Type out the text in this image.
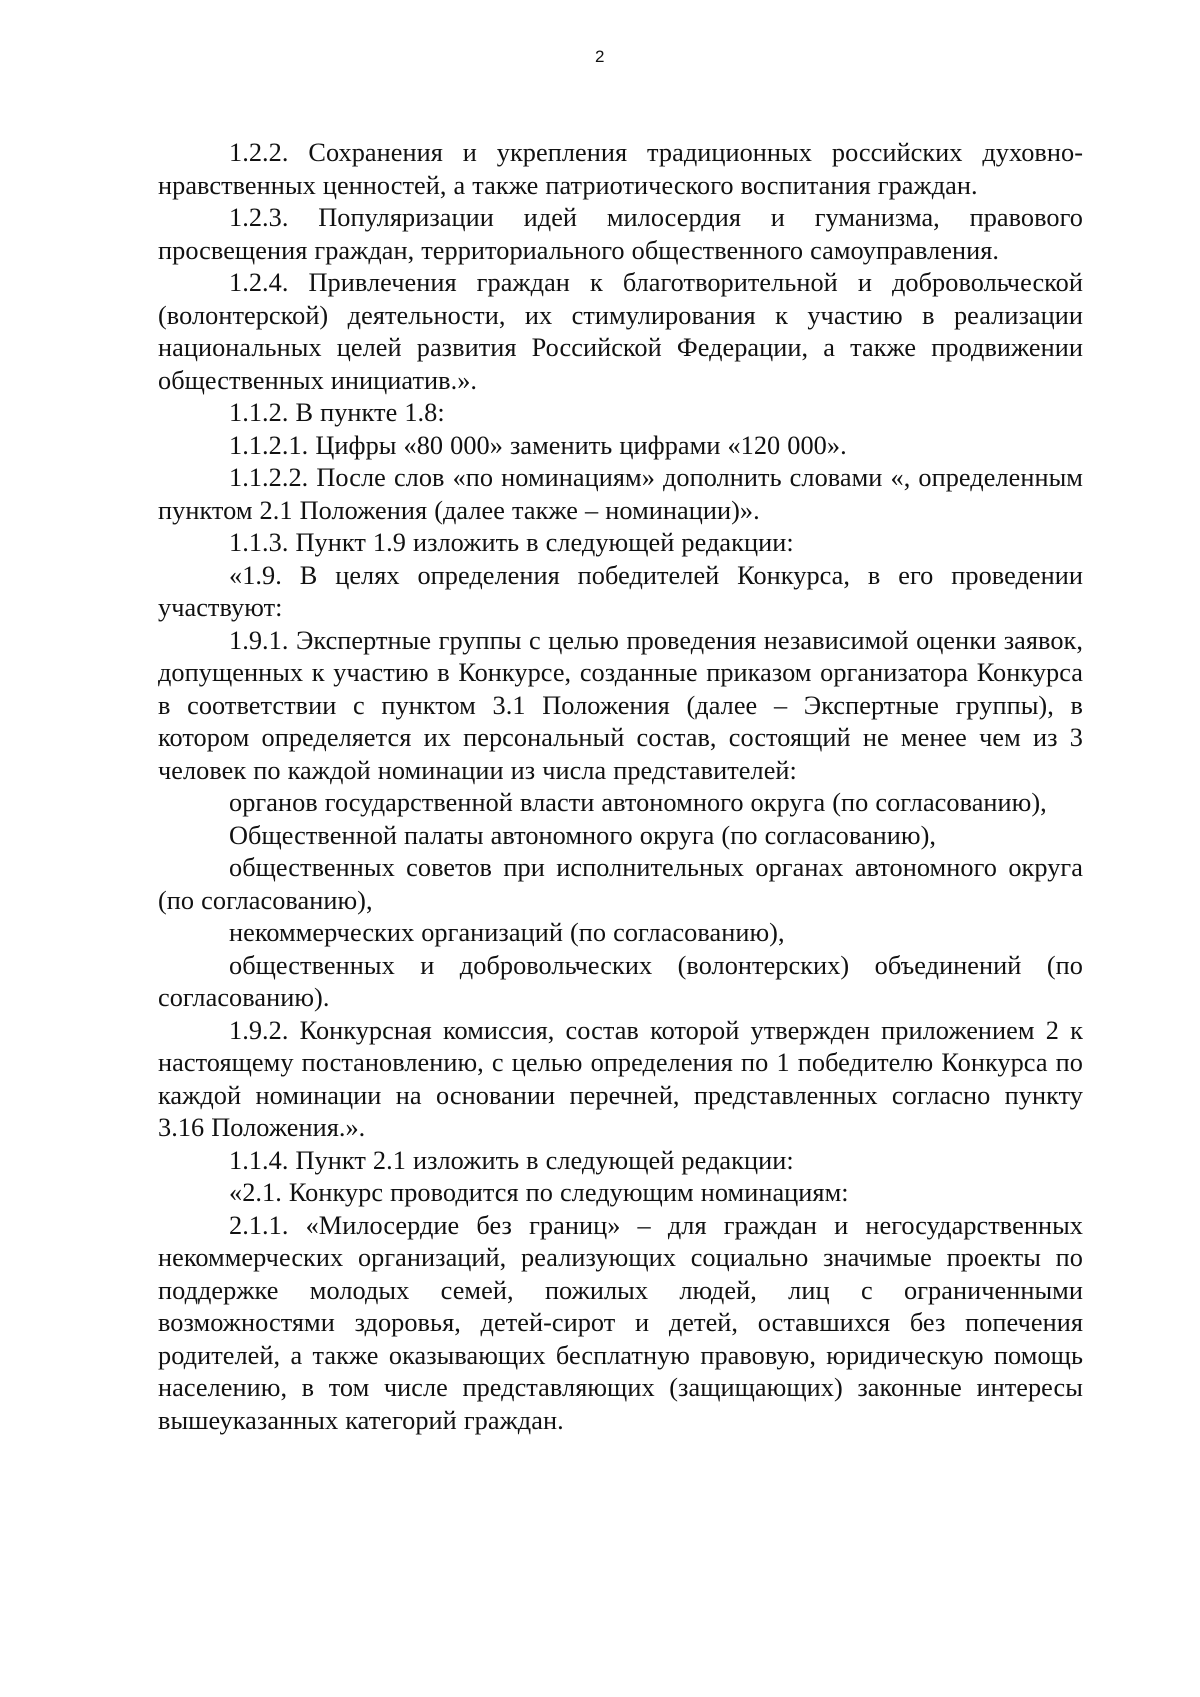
2

1.2.2. Сохранения и укрепления традиционных российских духовно-нравственных ценностей, а также патриотического воспитания граждан.

1.2.3. Популяризации идей милосердия и гуманизма, правового просвещения граждан, территориального общественного самоуправления.

1.2.4. Привлечения граждан к благотворительной и добровольческой (волонтерской) деятельности, их стимулирования к участию в реализации национальных целей развития Российской Федерации, а также продвижении общественных инициатив.».

1.1.2. В пункте 1.8:

1.1.2.1. Цифры «80 000» заменить цифрами «120 000».

1.1.2.2. После слов «по номинациям» дополнить словами «, определенным пунктом 2.1 Положения (далее также – номинации)».

1.1.3. Пункт 1.9 изложить в следующей редакции:

«1.9. В целях определения победителей Конкурса, в его проведении участвуют:

1.9.1. Экспертные группы с целью проведения независимой оценки заявок, допущенных к участию в Конкурсе, созданные приказом организатора Конкурса в соответствии с пунктом 3.1 Положения (далее – Экспертные группы), в котором определяется их персональный состав, состоящий не менее чем из 3 человек по каждой номинации из числа представителей:

органов государственной власти автономного округа (по согласованию),

Общественной палаты автономного округа (по согласованию),

общественных советов при исполнительных органах автономного округа (по согласованию),

некоммерческих организаций (по согласованию),

общественных и добровольческих (волонтерских) объединений (по согласованию).

1.9.2. Конкурсная комиссия, состав которой утвержден приложением 2 к настоящему постановлению, с целью определения по 1 победителю Конкурса по каждой номинации на основании перечней, представленных согласно пункту 3.16 Положения.».

1.1.4. Пункт 2.1 изложить в следующей редакции:

«2.1. Конкурс проводится по следующим номинациям:

2.1.1. «Милосердие без границ» – для граждан и негосударственных некоммерческих организаций, реализующих социально значимые проекты по поддержке молодых семей, пожилых людей, лиц с ограниченными возможностями здоровья, детей-сирот и детей, оставшихся без попечения родителей, а также оказывающих бесплатную правовую, юридическую помощь населению, в том числе представляющих (защищающих) законные интересы вышеуказанных категорий граждан.
